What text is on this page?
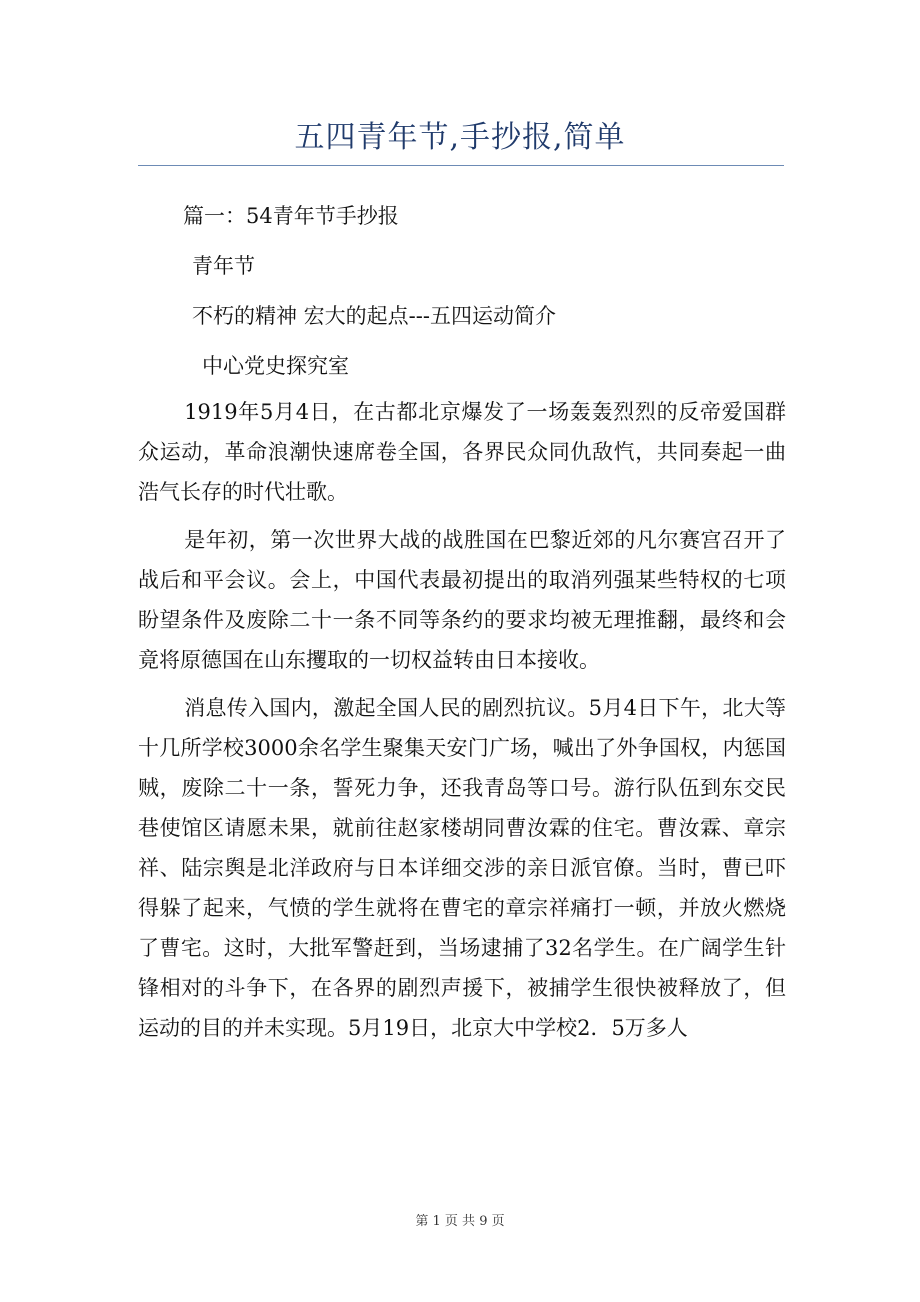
五四青年节,手抄报,简单
篇一：54青年节手抄报
青年节
不朽的精神 宏大的起点---五四运动简介
中心党史探究室

1919年5月4日，在古都北京爆发了一场轰轰烈烈的反帝爱国群众运动，革命浪潮快速席卷全国，各界民众同仇敌忾，共同奏起一曲浩气长存的时代壮歌。

是年初，第一次世界大战的战胜国在巴黎近郊的凡尔赛宫召开了战后和平会议。会上，中国代表最初提出的取消列强某些特权的七项盼望条件及废除二十一条不同等条约的要求均被无理推翻，最终和会竟将原德国在山东攫取的一切权益转由日本接收。

消息传入国内，激起全国人民的剧烈抗议。5月4日下午，北大等十几所学校3000余名学生聚集天安门广场，喊出了外争国权，内惩国贼，废除二十一条，誓死力争，还我青岛等口号。游行队伍到东交民巷使馆区请愿未果，就前往赵家楼胡同曹汝霖的住宅。曹汝霖、章宗祥、陆宗舆是北洋政府与日本详细交涉的亲日派官僚。当时，曹已吓得躲了起来，气愤的学生就将在曹宅的章宗祥痛打一顿，并放火燃烧了曹宅。这时，大批军警赶到，当场逮捕了32名学生。在广阔学生针锋相对的斗争下，在各界的剧烈声援下，被捕学生很快被释放了，但运动的目的并未实现。5月19日，北京大中学校2．5万多人

第 1 页 共 9 页
